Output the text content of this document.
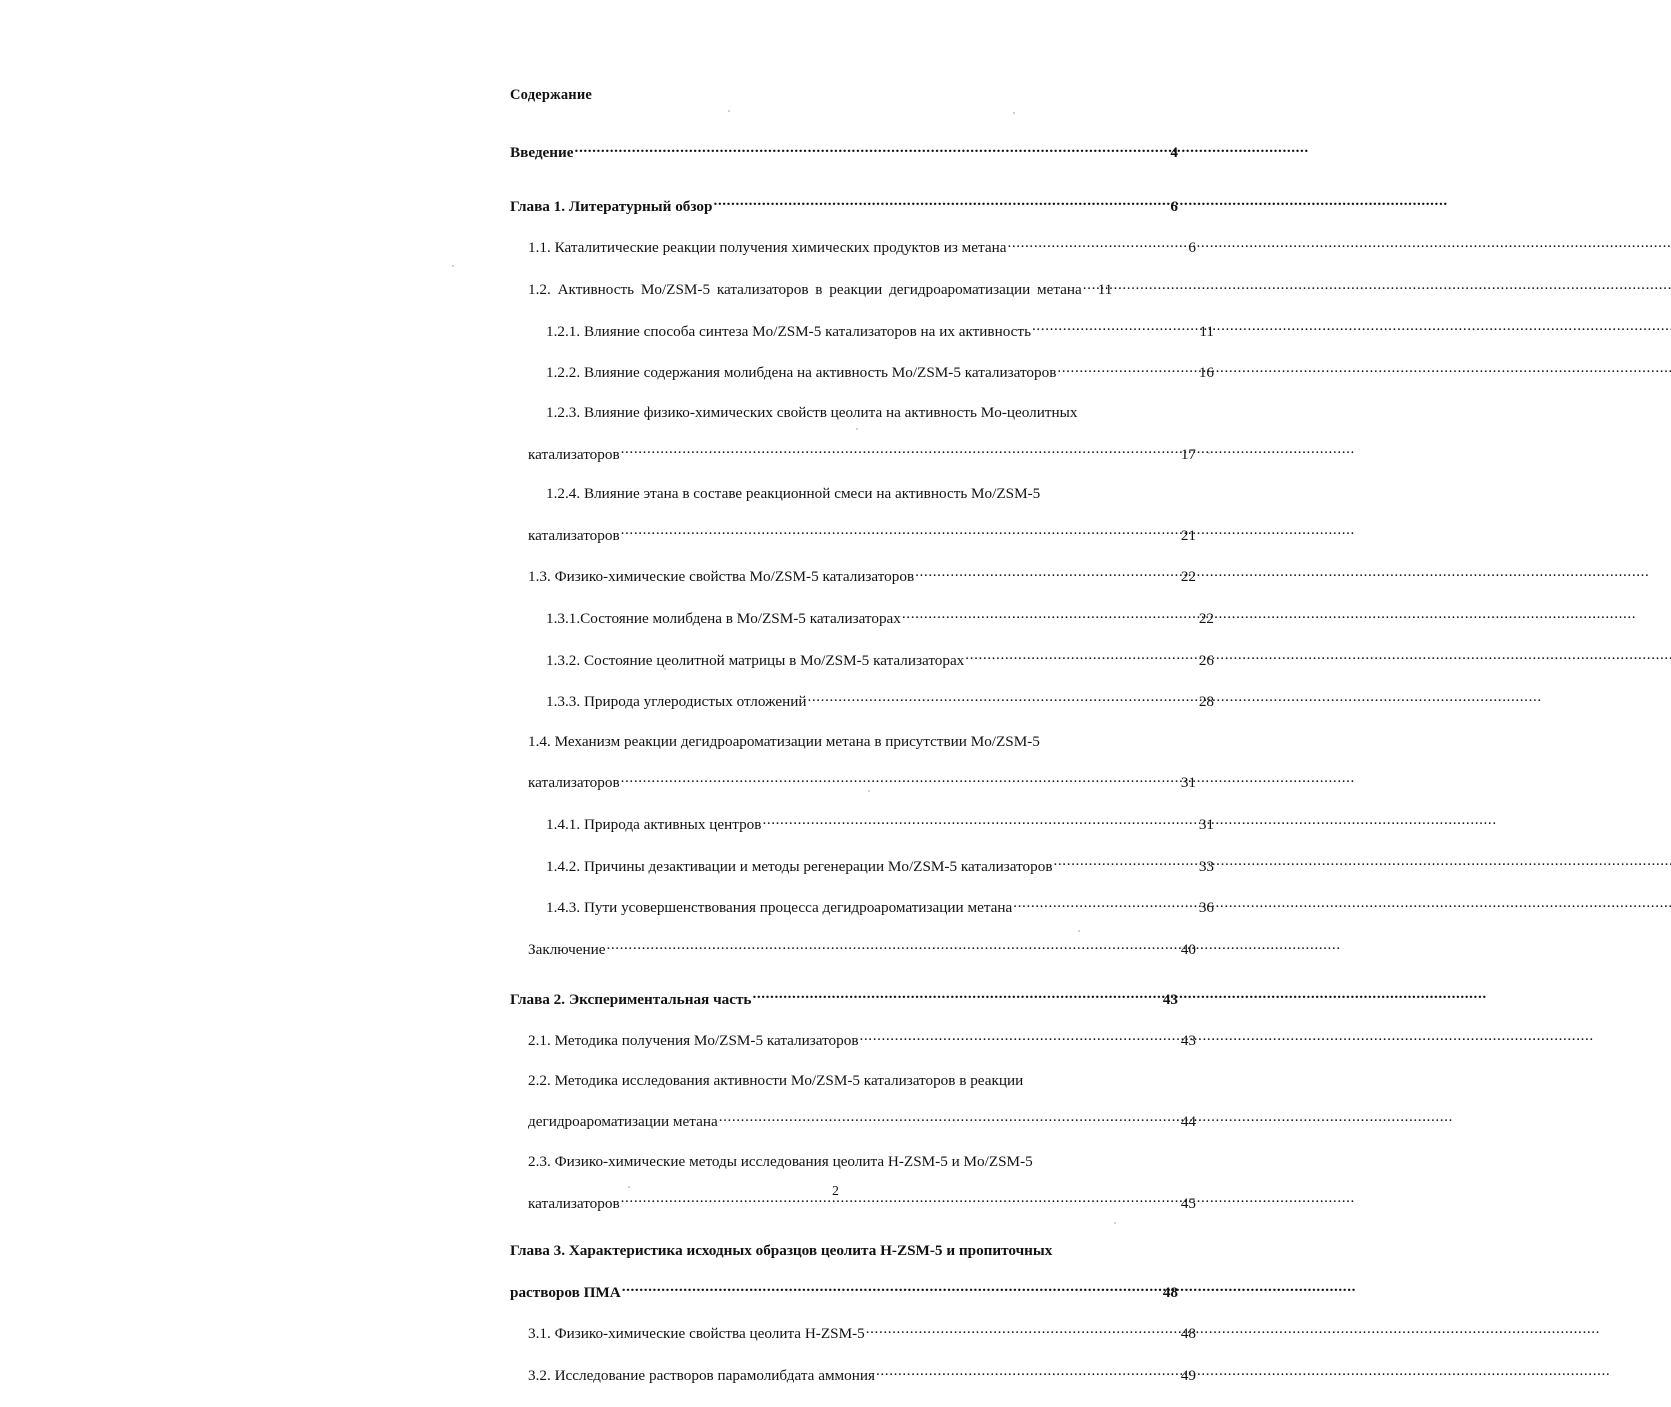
Содержание
Введение .....	4
Глава 1. Литературный обзор .....	6
1.1. Каталитические реакции получения химических продуктов из метана .....	6
1.2. Активность Mo/ZSM-5 катализаторов в реакции дегидроароматизации метана ..... 11
1.2.1. Влияние способа синтеза Mo/ZSM-5 катализаторов на их активность .....	11
1.2.2. Влияние содержания молибдена на активность Mo/ZSM-5 катализаторов .....	16
1.2.3. Влияние физико-химических свойств цеолита на активность Mo-цеолитных
катализаторов .....	17
1.2.4. Влияние этана в составе реакционной смеси на активность Mo/ZSM-5
катализаторов .....	21
1.3. Физико-химические свойства Mo/ZSM-5 катализаторов .....	22
1.3.1.Состояние молибдена в Mo/ZSM-5 катализаторах .....	22
1.3.2. Состояние цеолитной матрицы в Mo/ZSM-5 катализаторах .....	26
1.3.3. Природа углеродистых отложений .....	28
1.4. Механизм реакции дегидроароматизации метана в присутствии Mo/ZSM-5
катализаторов .....	31
1.4.1. Природа активных центров .....	31
1.4.2. Причины дезактивации и методы регенерации Mo/ZSM-5 катализаторов .....	33
1.4.3. Пути усовершенствования процесса дегидроароматизации метана .....	36
Заключение .....	40
Глава 2. Экспериментальная часть .....	43
2.1. Методика получения Mo/ZSM-5 катализаторов .....	43
2.2. Методика исследования активности Mo/ZSM-5 катализаторов в реакции
дегидроароматизации метана .....	44
2.3. Физико-химические методы исследования цеолита H-ZSM-5 и Mo/ZSM-5
катализаторов .....	45
Глава 3. Характеристика исходных образцов цеолита H-ZSM-5 и пропиточных
растворов ПМА .....	48
3.1. Физико-химические свойства цеолита H-ZSM-5 .....	48
3.2. Исследование растворов парамолибдата аммония .....	49
2
